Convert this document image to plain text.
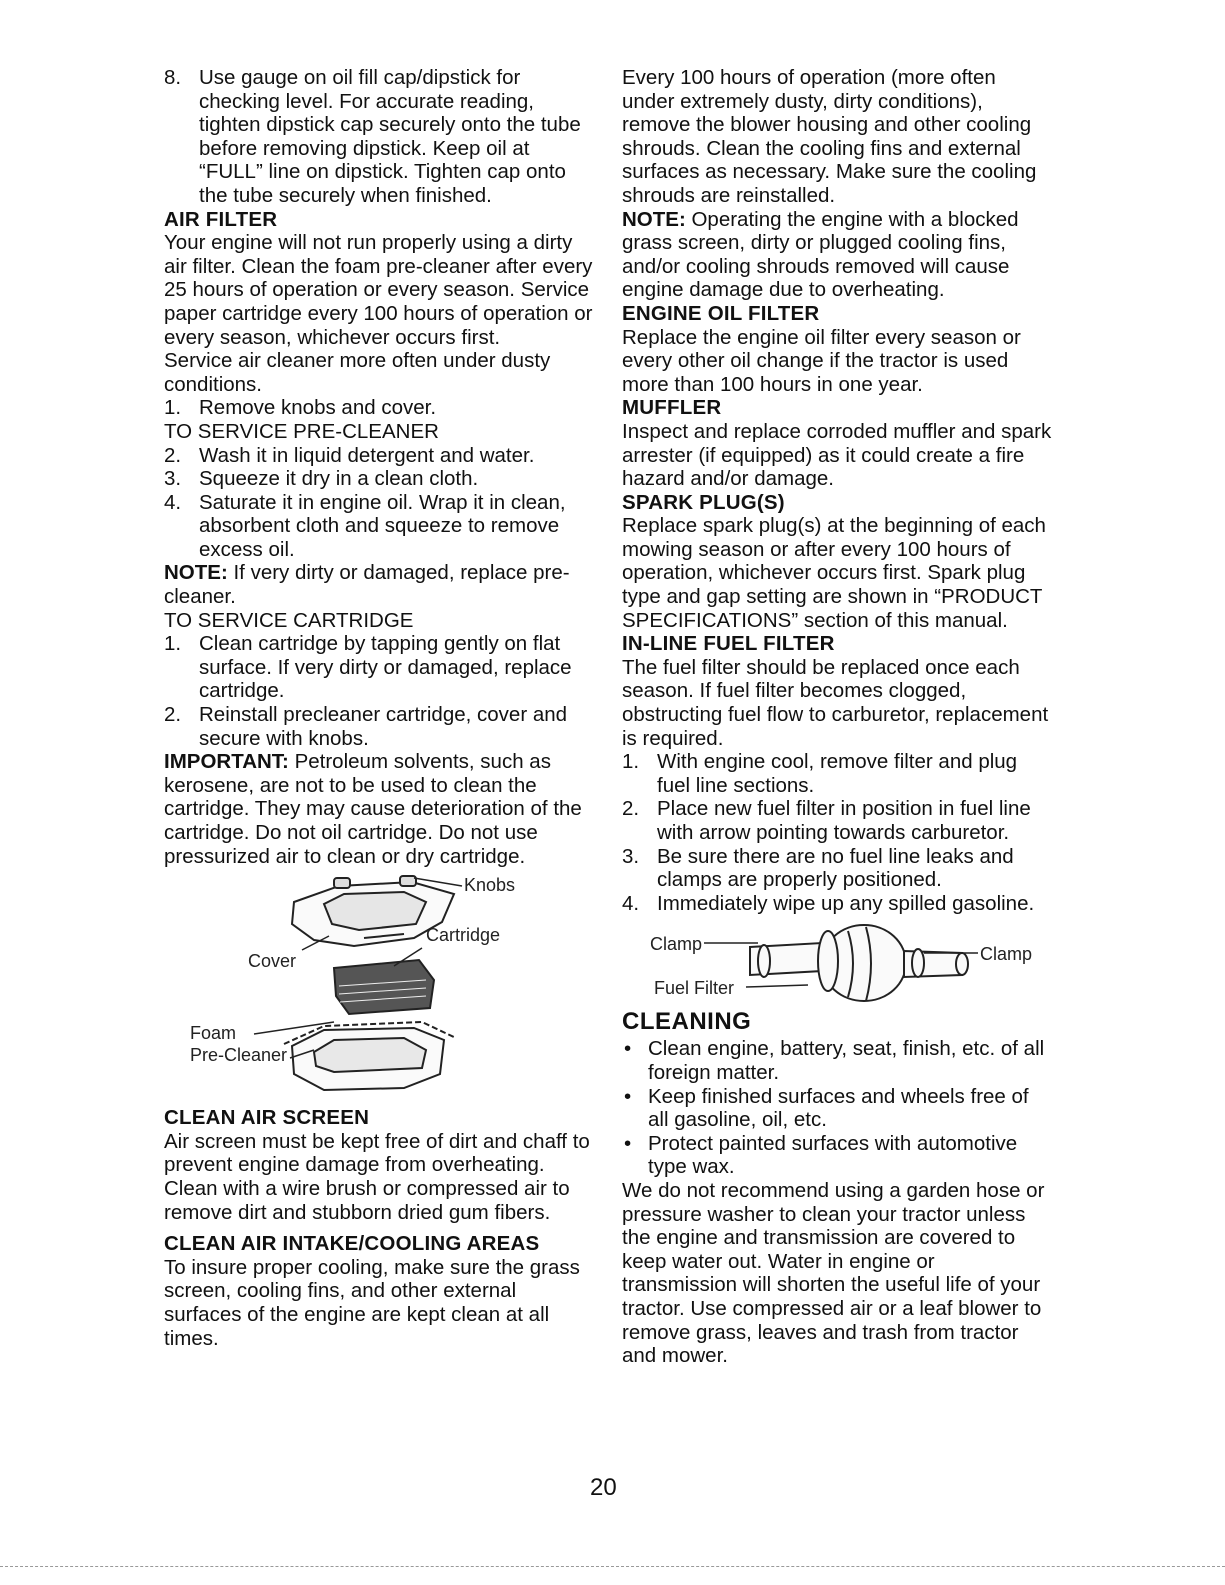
8. Use gauge on oil fill cap/dipstick for checking level. For accurate reading, tighten dipstick cap securely onto the tube before removing dipstick. Keep oil at “FULL” line on dipstick. Tighten cap onto the tube securely when finished.

AIR FILTER

Your engine will not run properly using a dirty air filter. Clean the foam pre-cleaner after every 25 hours of operation or every season. Service paper cartridge every 100 hours of operation or every season, whichever occurs first.

Service air cleaner more often under dusty conditions.

1. Remove knobs and cover.

TO SERVICE PRE-CLEANER

2. Wash it in liquid detergent and water.
3. Squeeze it dry in a clean cloth.
4. Saturate it in engine oil. Wrap it in clean, absorbent cloth and squeeze to remove excess oil.

NOTE: If very dirty or damaged, replace pre-cleaner.

TO SERVICE CARTRIDGE

1. Clean cartridge by tapping gently on flat surface. If very dirty or damaged, replace cartridge.
2. Reinstall precleaner cartridge, cover and secure with knobs.

IMPORTANT: Petroleum solvents, such as kerosene, are not to be used to clean the cartridge. They may cause deterioration of the cartridge. Do not oil cartridge. Do not use pressurized air to clean or dry cartridge.

Knobs
Cartridge
Cover
Foam
Pre-Cleaner

CLEAN AIR SCREEN

Air screen must be kept free of dirt and chaff to prevent engine damage from overheating. Clean with a wire brush or compressed air to remove dirt and stubborn dried gum fibers.

CLEAN AIR INTAKE/COOLING AREAS

To insure proper cooling, make sure the grass screen, cooling fins, and other external surfaces of the engine are kept clean at all times.

Every 100 hours of operation (more often under extremely dusty, dirty conditions), remove the blower housing and other cooling shrouds. Clean the cooling fins and external surfaces as necessary. Make sure the cooling shrouds are reinstalled.

NOTE: Operating the engine with a blocked grass screen, dirty or plugged cooling fins, and/or cooling shrouds removed will cause engine damage due to overheating.

ENGINE OIL FILTER

Replace the engine oil filter every season or every other oil change if the tractor is used more than 100 hours in one year.

MUFFLER

Inspect and replace corroded muffler and spark arrester (if equipped) as it could create a fire hazard and/or damage.

SPARK PLUG(S)

Replace spark plug(s) at the beginning of each mowing season or after every 100 hours of operation, whichever occurs first. Spark plug type and gap setting are shown in “PRODUCT SPECIFICATIONS” section of this manual.

IN-LINE FUEL FILTER

The fuel filter should be replaced once each season. If fuel filter becomes clogged, obstructing fuel flow to carburetor, replacement is required.

1. With engine cool, remove filter and plug fuel line sections.
2. Place new fuel filter in position in fuel line with arrow pointing towards carburetor.
3. Be sure there are no fuel line leaks and clamps are properly positioned.
4. Immediately wipe up any spilled gasoline.
Clamp	Clamp
Fuel Filter

CLEANING

• Clean engine, battery, seat, finish, etc. of all foreign matter.
• Keep finished surfaces and wheels free of all gasoline, oil, etc.
• Protect painted surfaces with automotive type wax.

We do not recommend using a garden hose or pressure washer to clean your tractor unless the engine and transmission are covered to keep water out. Water in engine or transmission will shorten the useful life of your tractor. Use compressed air or a leaf blower to remove grass, leaves and trash from tractor and mower.

20
